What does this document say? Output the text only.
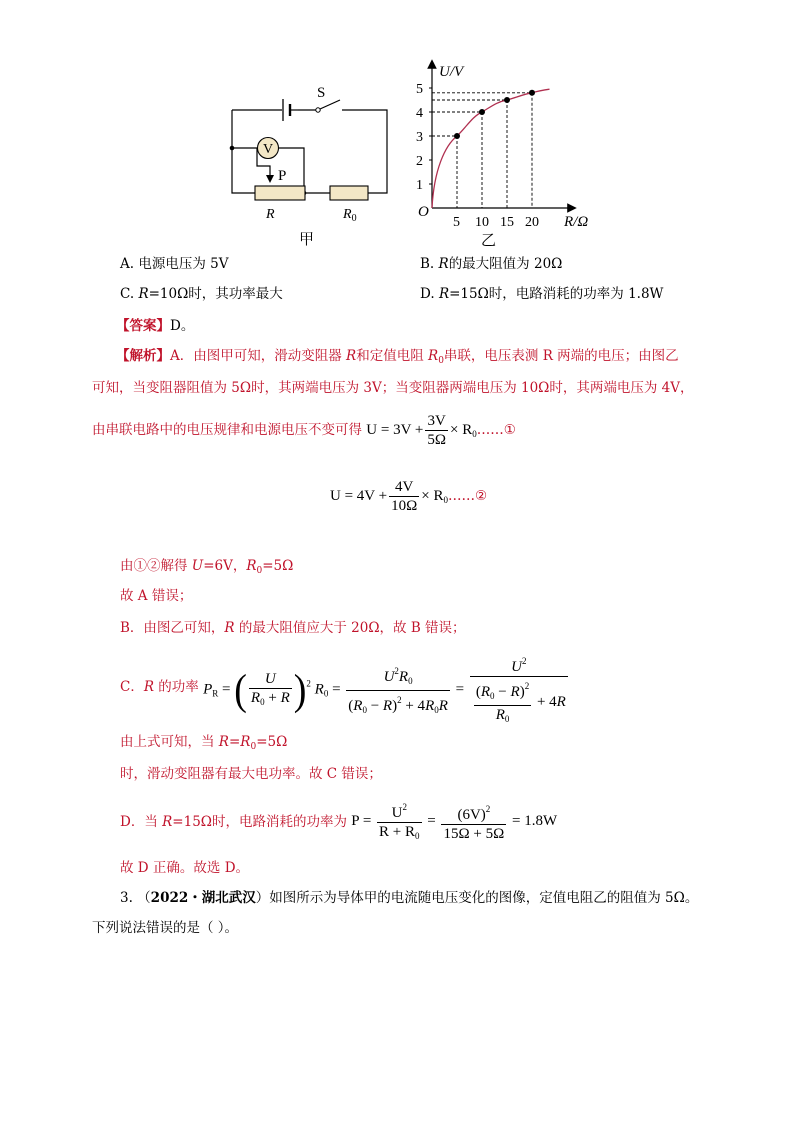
S
V
P
R	$R_0$
甲
5 10 15 20
1
2
3
4
5
U/V
R/Ω
O
乙
A. 电源电压为 5V	B. R的最大阻值为 20Ω
C. R=10Ω时，其功率最大	D. R=15Ω时，电路消耗的功率为 1.8W
【答案】D。
【解析】A．由图甲可知，滑动变阻器 R和定值电阻 $R_0$串联，电压表测 R 两端的电压；由图乙
可知，当变阻器阻值为 5Ω时，其两端电压为 3V；当变阻器两端电压为 10Ω时，其两端电压为 4V，
由串联电路中的电压规律和电源电压不变可得 $U = 3V + \frac{3V}{5\Omega}$ × $R_0\dots\dots ①$
$U = 4V + \frac{4V}{10\Omega}$ × $R_0\dots\dots ②$
由①②解得 U=6V，$R_0=5\Omega$
故 A 错误；
B．由图乙可知，R 的最大阻值应大于 20Ω，故 B 错误；
C．R 的功率 $P_R$ = ( $\frac{U}{R_0 + R} )^2$ $R_0 = \frac{U^2R_0}{(R_0 - R)^2 + 4R_0R} = \frac{U^2}{\frac{(R_0 - R)^2}{R_0} + 4R}$
由上式可知，当 $R=R_0=5\Omega$
时，滑动变阻器有最大电功率。故 C 错误；
D．当 R=15Ω时，电路消耗的功率为 $P = \frac{U^2}{R + R_0} = \frac{(6V)^2}{15\Omega + 5\Omega} = 1.8W$
故 D 正确。故选 D。
3. （2022・湖北武汉）如图所示为导体甲的电流随电压变化的图像，定值电阻乙的阻值为 5Ω。
下列说法错误的是（ ）。
